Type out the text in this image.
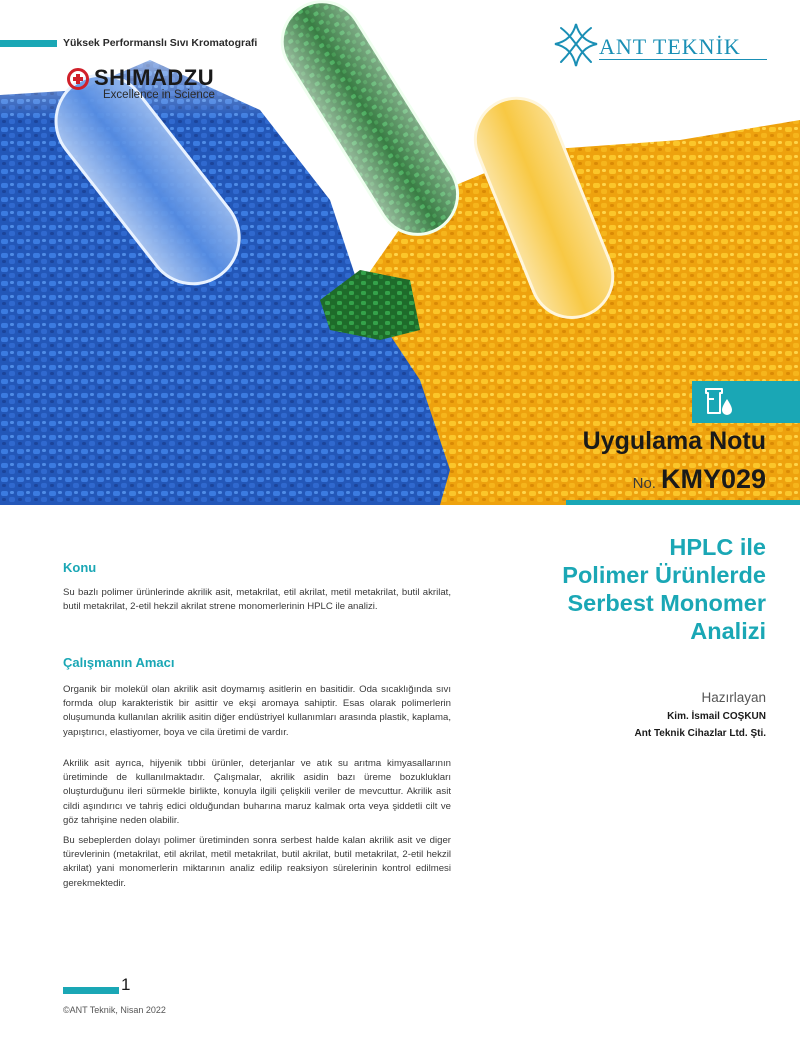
Yüksek Performanslı Sıvı Kromatografi
SHIMADZU
Excellence in Science
ANT TEKNİK
Uygulama Notu
No. KMY029
Konu
Su bazlı polimer ürünlerinde akrilik asit, metakrilat, etil akrilat, metil metakrilat, butil akrilat, butil metakrilat, 2-etil hekzil akrilat strene monomerlerinin HPLC ile analizi.
Çalışmanın Amacı
Organik bir molekül olan akrilik asit doymamış asitlerin en basitidir. Oda sıcaklığında sıvı formda olup karakteristik bir asittir ve ekşi aromaya sahiptir. Esas olarak polimerlerin oluşumunda kullanılan akrilik asitin diğer endüstriyel kullanımları arasında plastik, kaplama, yapıştırıcı, elastiyomer, boya ve cila üretimi de vardır.
Akrilik asit ayrıca, hijyenik tıbbi ürünler, deterjanlar ve atık su arıtma kimyasallarının üretiminde de kullanılmaktadır. Çalışmalar, akrilik asidin bazı üreme bozuklukları oluşturduğunu ileri sürmekle birlikte, konuyla ilgili çelişkili veriler de mevcuttur. Akrilik asit cildi aşındırıcı ve tahriş edici olduğundan buharına maruz kalmak orta veya şiddetli cilt ve göz tahrişine neden olabilir.
Bu sebeplerden dolayı polimer üretiminden sonra serbest halde kalan akrilik asit ve diger türevlerinin (metakrilat, etil akrilat, metil metakrilat, butil akrilat, butil metakrilat, 2-etil hekzil akrilat) yani monomerlerin miktarının analiz edilip reaksiyon sürelerinin kontrol edilmesi gerekmektedir.
HPLC ile
Polimer Ürünlerde
Serbest Monomer
Analizi
Hazırlayan
Kim. İsmail COŞKUN
Ant Teknik Cihazlar Ltd. Şti.
1
©ANT Teknik, Nisan 2022
